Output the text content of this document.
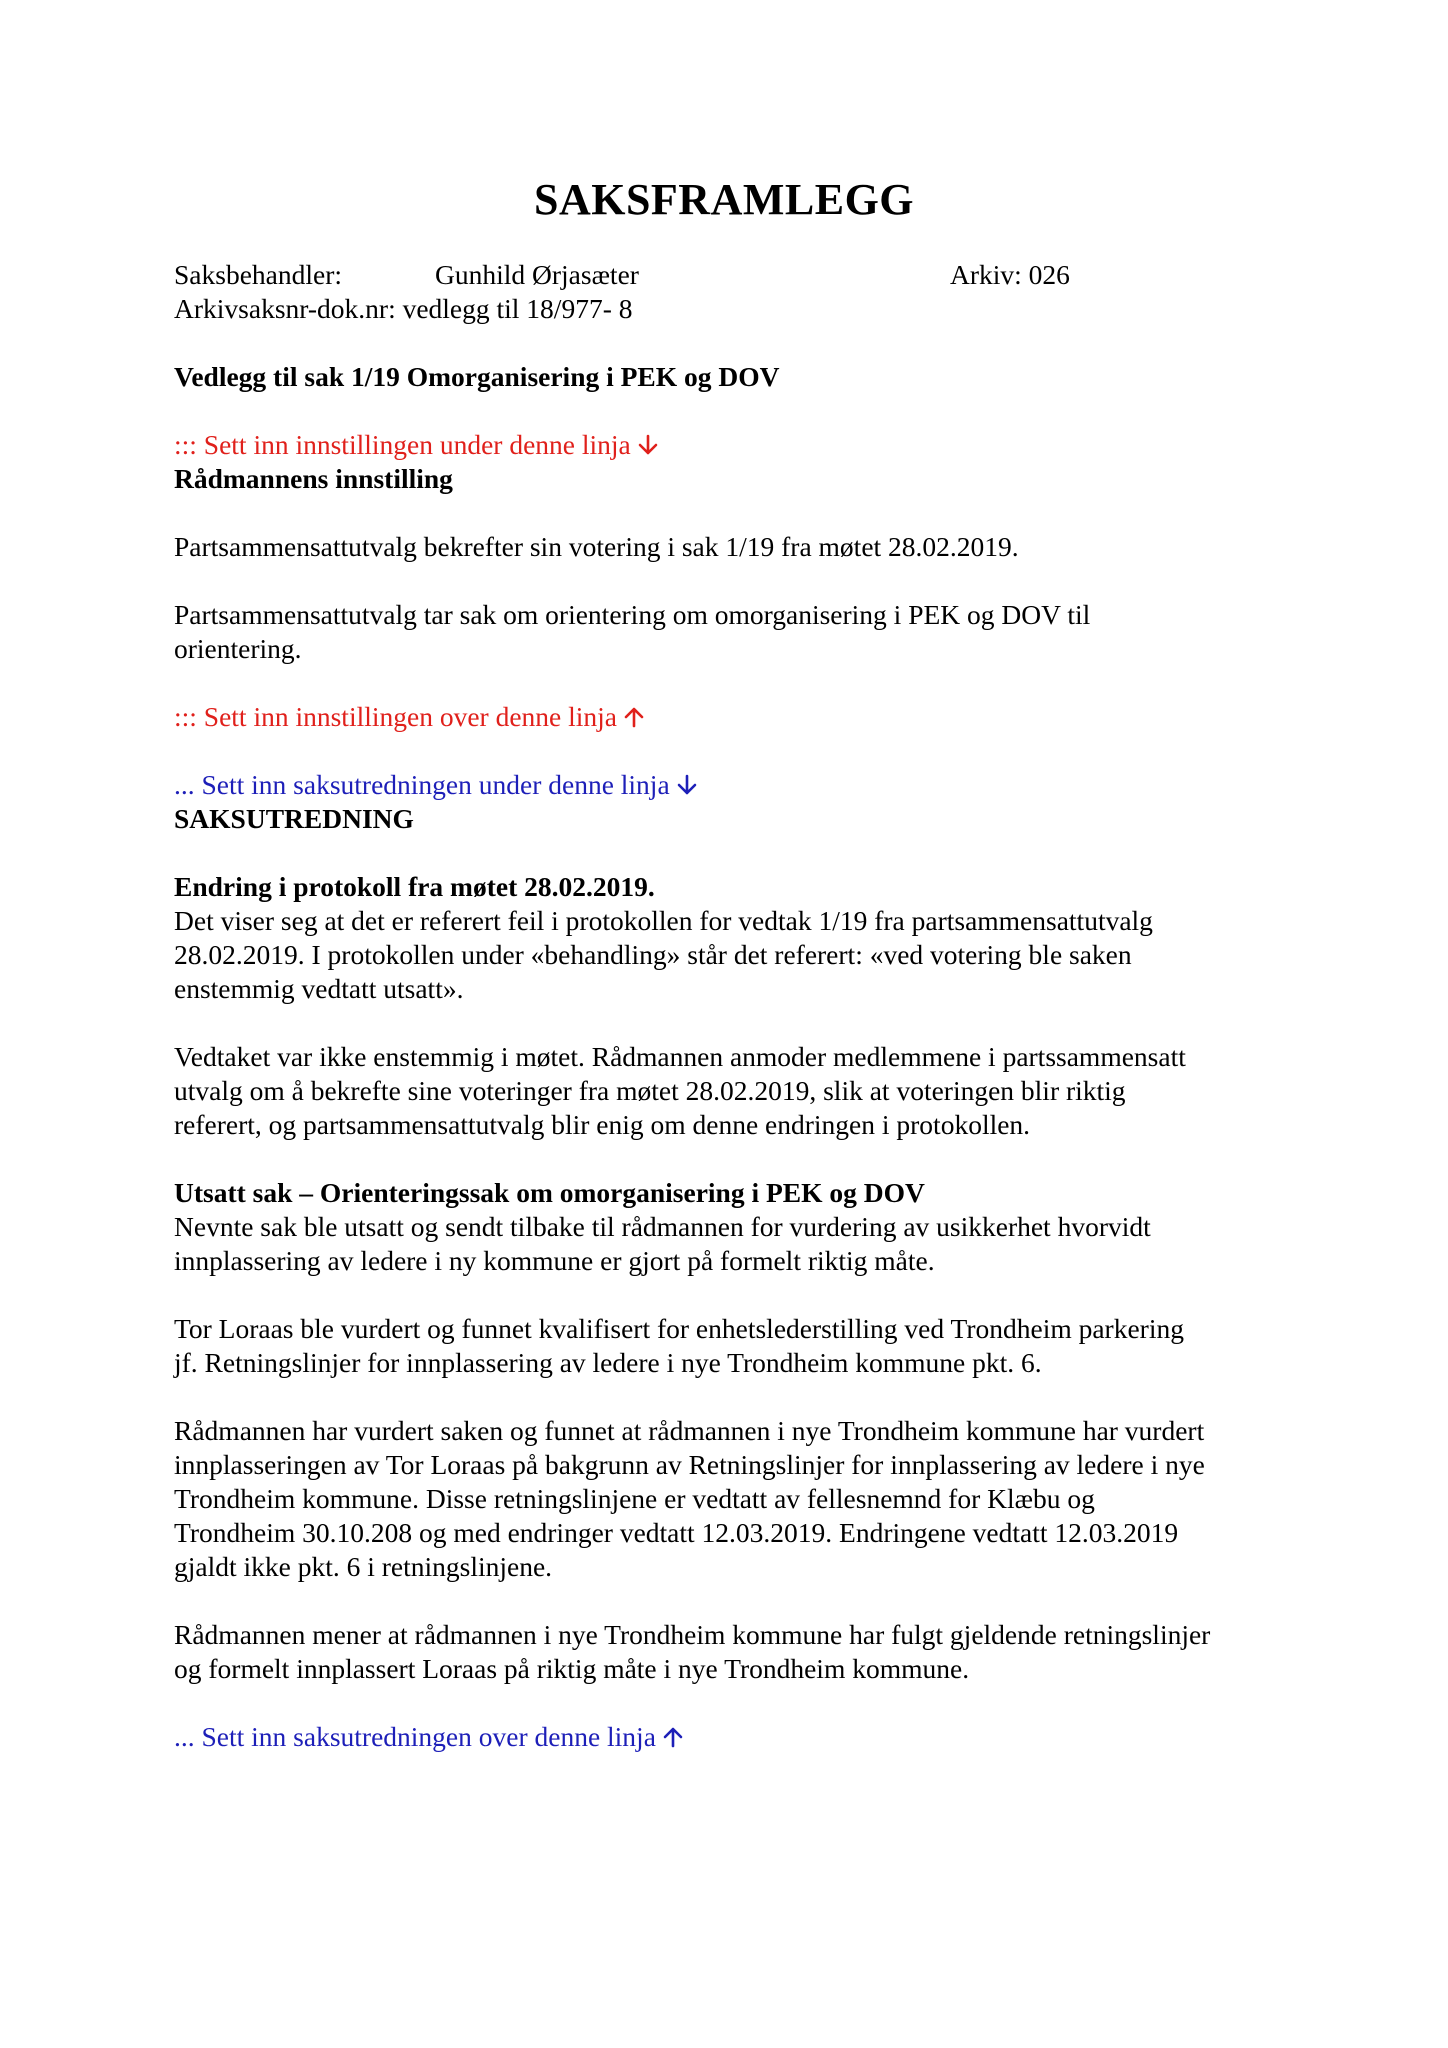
SAKSFRAMLEGG
Saksbehandler:	Gunhild Ørjasæter	Arkiv: 026
Arkivsaksnr-dok.nr: vedlegg til 18/977- 8
Vedlegg til sak 1/19 Omorganisering i PEK og DOV
::: Sett inn innstillingen under denne linja
Rådmannens innstilling
Partsammensattutvalg bekrefter sin votering i sak 1/19 fra møtet 28.02.2019.
Partsammensattutvalg tar sak om orientering om omorganisering i PEK og DOV til
orientering.
::: Sett inn innstillingen over denne linja
... Sett inn saksutredningen under denne linja
SAKSUTREDNING
Endring i protokoll fra møtet 28.02.2019.
Det viser seg at det er referert feil i protokollen for vedtak 1/19 fra partsammensattutvalg
28.02.2019. I protokollen under «behandling» står det referert: «ved votering ble saken
enstemmig vedtatt utsatt».
Vedtaket var ikke enstemmig i møtet. Rådmannen anmoder medlemmene i partssammensatt
utvalg om å bekrefte sine voteringer fra møtet 28.02.2019, slik at voteringen blir riktig
referert, og partsammensattutvalg blir enig om denne endringen i protokollen.
Utsatt sak – Orienteringssak om omorganisering i PEK og DOV
Nevnte sak ble utsatt og sendt tilbake til rådmannen for vurdering av usikkerhet hvorvidt
innplassering av ledere i ny kommune er gjort på formelt riktig måte.
Tor Loraas ble vurdert og funnet kvalifisert for enhetslederstilling ved Trondheim parkering
jf. Retningslinjer for innplassering av ledere i nye Trondheim kommune pkt. 6.
Rådmannen har vurdert saken og funnet at rådmannen i nye Trondheim kommune har vurdert
innplasseringen av Tor Loraas på bakgrunn av Retningslinjer for innplassering av ledere i nye
Trondheim kommune. Disse retningslinjene er vedtatt av fellesnemnd for Klæbu og
Trondheim 30.10.208 og med endringer vedtatt 12.03.2019. Endringene vedtatt 12.03.2019
gjaldt ikke pkt. 6 i retningslinjene.
Rådmannen mener at rådmannen i nye Trondheim kommune har fulgt gjeldende retningslinjer
og formelt innplassert Loraas på riktig måte i nye Trondheim kommune.
... Sett inn saksutredningen over denne linja
